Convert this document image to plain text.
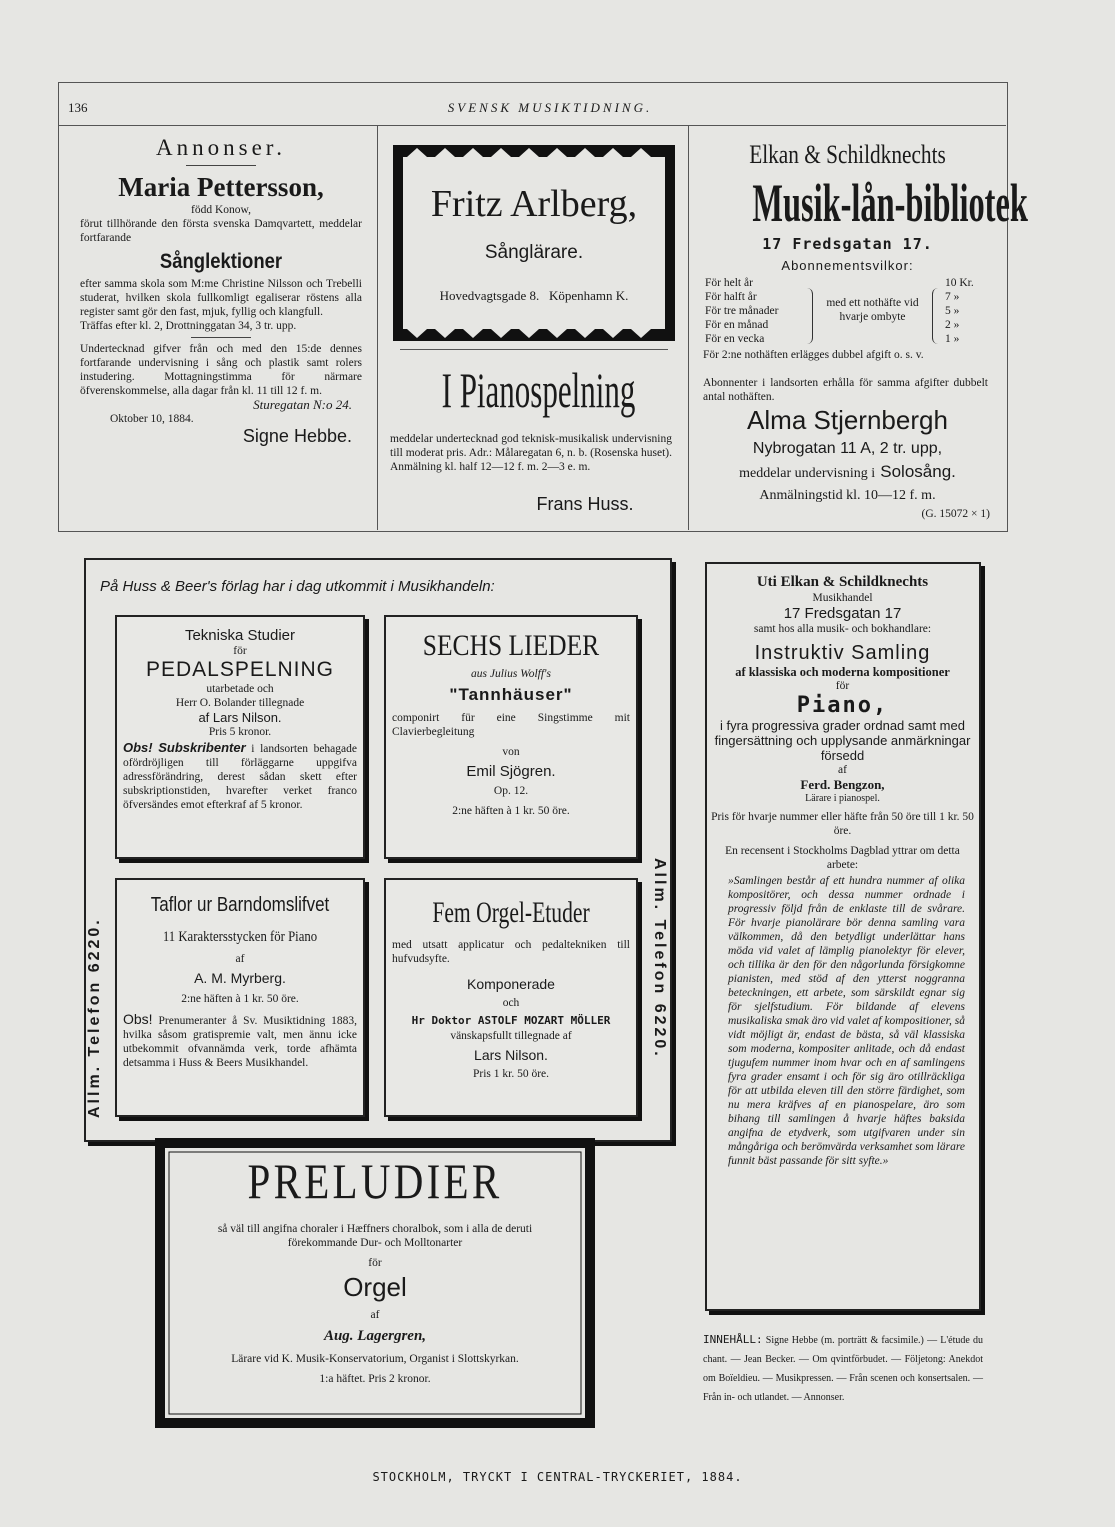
136	SVENSK MUSIKTIDNING.
Annonser.
Maria Pettersson,
född Konow,
förut tillhörande den första svenska Damqvartett, meddelar fortfarande
Sånglektioner
efter samma skola som M:me Christine Nilsson och Trebelli studerat, hvilken skola fullkomligt egaliserar röstens alla register samt gör den fast, mjuk, fyllig och klangfull.
Träffas efter kl. 2, Drottninggatan 34, 3 tr. upp.
Undertecknad gifver från och med den 15:de dennes fortfarande undervisning i sång och plastik samt rolers instudering. Mottagningstimma för närmare öfverenskommelse, alla dagar från kl. 11 till 12 f. m.
Sturegatan N:o 24.
Oktober 10, 1884.
Signe Hebbe.
Fritz Arlberg,
Sånglärare.
Hovedvagtsgade 8.   Köpenhamn K.
I Pianospelning
meddelar undertecknad god teknisk-musikalisk undervisning till moderat pris. Adr.: Målaregatan 6, n. b. (Rosenska huset). Anmälning kl. half 12—12 f. m. 2—3 e. m.
Frans Huss.
Elkan & Schildknechts
Musik-lån-bibliotek
17 Fredsgatan 17.
Abonnementsvilkor:
För helt år
För halft år
För tre månader
För en månad
För en vecka
med ett nothäfte vid hvarje ombyte
10 Kr.
7 »
5 »
2 »
1 »
För 2:ne nothäften erlägges dubbel afgift o. s. v.
Abonnenter i landsorten erhålla för samma afgifter dubbelt antal nothäften.
Alma Stjernbergh
Nybrogatan 11 A, 2 tr. upp,
meddelar undervisning i Solosång.
Anmälningstid kl. 10—12 f. m.
(G. 15072 × 1)
På Huss & Beer's förlag har i dag utkommit i Musikhandeln:
Allm. Telefon 6220.	Allm. Telefon 6220.
Tekniska Studier
för
PEDALSPELNING
utarbetade och
Herr O. Bolander tillegnade
af Lars Nilson.
Pris 5 kronor.
Obs! Subskribenter i landsorten behagade ofördröjligen till förläggarne uppgifva adressförändring, derest sådan skett efter subskriptionstiden, hvarefter verket franco öfversändes emot efterkraf af 5 kronor.
SECHS LIEDER
aus Julius Wolff's
"Tannhäuser"
componirt für eine Singstimme mit Clavierbegleitung
von
Emil Sjögren.
Op. 12.
2:ne häften à 1 kr. 50 öre.
Taflor ur Barndomslifvet
11 Karaktersstycken för Piano
af
A. M. Myrberg.
2:ne häften à 1 kr. 50 öre.
Obs! Prenumeranter å Sv. Musiktidning 1883, hvilka såsom gratispremie valt, men ännu icke utbekommit ofvannämda verk, torde afhämta detsamma i Huss & Beers Musikhandel.
Fem Orgel-Etuder
med utsatt applicatur och pedaltekniken till hufvudsyfte.
Komponerade
och
Hr Doktor ASTOLF MOZART MÖLLER
vänskapsfullt tillegnade af
Lars Nilson.
Pris 1 kr. 50 öre.
PRELUDIER
så väl till angifna choraler i Hæffners choralbok, som i alla de deruti förekommande Dur- och Molltonarter
för
Orgel
af
Aug. Lagergren,
Lärare vid K. Musik-Konservatorium, Organist i Slottskyrkan.
1:a häftet. Pris 2 kronor.
Uti Elkan & Schildknechts
Musikhandel
17 Fredsgatan 17
samt hos alla musik- och bokhandlare:
Instruktiv Samling
af klassiska och moderna kompositioner
för
Piano,
i fyra progressiva grader ordnad samt med fingersättning och upplysande anmärkningar försedd
af
Ferd. Bengzon,
Lärare i pianospel.
Pris för hvarje nummer eller häfte från 50 öre till 1 kr. 50 öre.
En recensent i Stockholms Dagblad yttrar om detta arbete:
»Samlingen består af ett hundra nummer af olika kompositörer, och dessa nummer ordnade i progressiv följd från de enklaste till de svårare. För hvarje pianolärare bör denna samling vara välkommen, då den betydligt underlättar hans möda vid valet af lämplig pianolektyr för elever, och tillika är den för den någorlunda försigkomne pianisten, med stöd af den ytterst noggranna beteckningen, ett arbete, som särskildt egnar sig för sjelfstudium. För bildande af elevens musikaliska smak äro vid valet af kompositioner, så vidt möjligt är, endast de bästa, så väl klassiska som moderna, kompositer anlitade, och då endast tjugufem nummer inom hvar och en af samlingens fyra grader ensamt i och för sig äro otillräckliga för att utbilda eleven till den större färdighet, som nu mera kräfves af en pianospelare, äro som bihang till samlingen å hvarje häftes baksida angifna de etydverk, som utgifvaren under sin mångåriga och berömvärda verksamhet som lärare funnit bäst passande för sitt syfte.»
INNEHÅLL: Signe Hebbe (m. porträtt & facsimile.) — L'étude du chant. — Jean Becker. — Om qvintförbudet. — Följetong: Anekdot om Boïeldieu. — Musikpressen. — Från scenen och konsertsalen. — Från in- och utlandet. — Annonser.
STOCKHOLM, TRYCKT I CENTRAL-TRYCKERIET, 1884.
